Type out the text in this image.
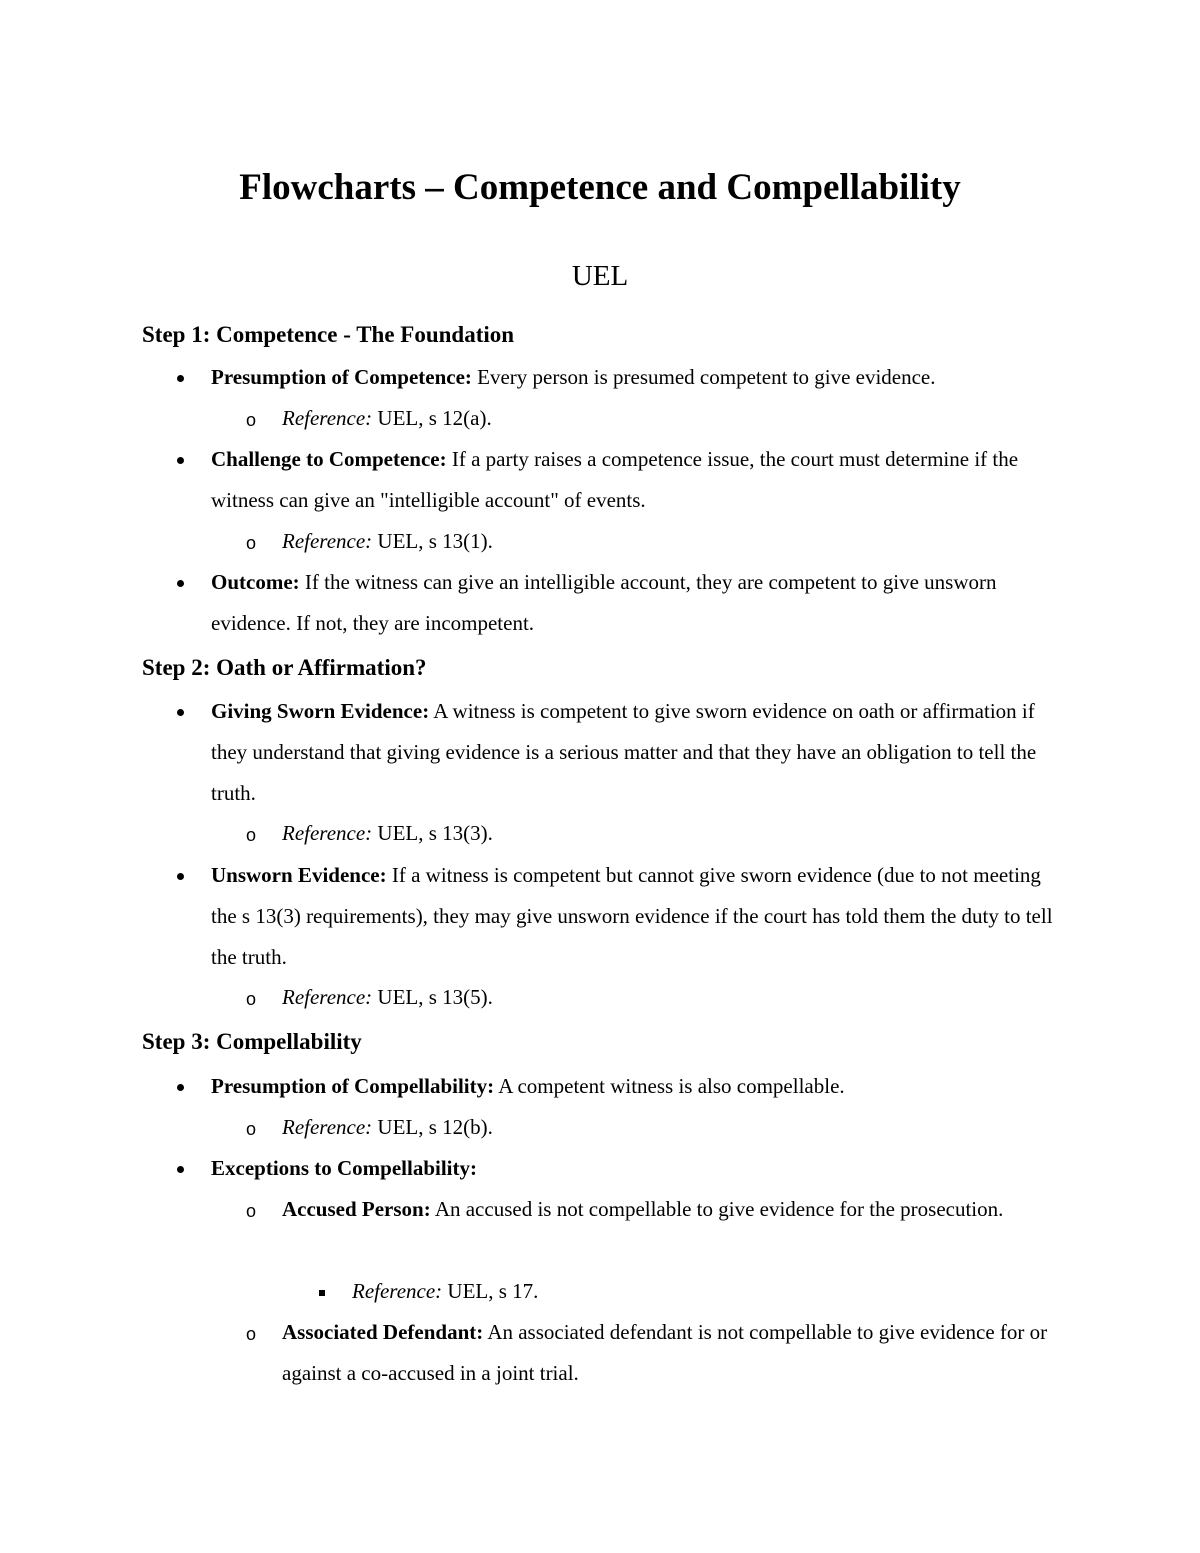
Flowcharts – Competence and Compellability
UEL
Step 1: Competence - The Foundation

Presumption of Competence: Every person is presumed competent to give evidence.

o Reference: UEL, s 12(a).

Challenge to Competence: If a party raises a competence issue, the court must determine if the witness can give an "intelligible account" of events.

o Reference: UEL, s 13(1).

Outcome: If the witness can give an intelligible account, they are competent to give unsworn evidence. If not, they are incompetent.

Step 2: Oath or Affirmation?

Giving Sworn Evidence: A witness is competent to give sworn evidence on oath or affirmation if they understand that giving evidence is a serious matter and that they have an obligation to tell the truth.

o Reference: UEL, s 13(3).

Unsworn Evidence: If a witness is competent but cannot give sworn evidence (due to not meeting the s 13(3) requirements), they may give unsworn evidence if the court has told them the duty to tell the truth.

o Reference: UEL, s 13(5).

Step 3: Compellability

Presumption of Compellability: A competent witness is also compellable.

o Reference: UEL, s 12(b).

Exceptions to Compellability:

o Accused Person: An accused is not compellable to give evidence for the prosecution.

Reference: UEL, s 17.

o Associated Defendant: An associated defendant is not compellable to give evidence for or against a co-accused in a joint trial.
